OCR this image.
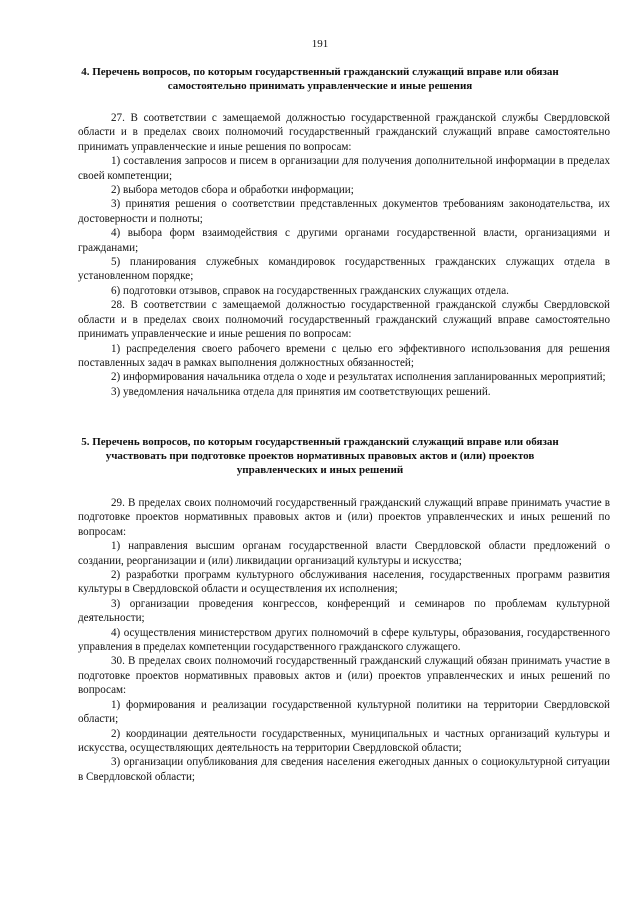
191
4. Перечень вопросов, по которым государственный гражданский служащий вправе или обязан самостоятельно принимать управленческие и иные решения

27. В соответствии с замещаемой должностью государственной гражданской службы Свердловской области и в пределах своих полномочий государственный гражданский служащий вправе самостоятельно принимать управленческие и иные решения по вопросам:

1) составления запросов и писем в организации для получения дополнительной информации в пределах своей компетенции;

2) выбора методов сбора и обработки информации;

3) принятия решения о соответствии представленных документов требованиям законодательства, их достоверности и полноты;

4) выбора форм взаимодействия с другими органами государственной власти, организациями и гражданами;

5) планирования служебных командировок государственных гражданских служащих отдела в установленном порядке;

6) подготовки отзывов, справок на государственных гражданских служащих отдела.

28. В соответствии с замещаемой должностью государственной гражданской службы Свердловской области и в пределах своих полномочий государственный гражданский служащий вправе самостоятельно принимать управленческие и иные решения по вопросам:

1) распределения своего рабочего времени с целью его эффективного использования для решения поставленных задач в рамках выполнения должностных обязанностей;

2) информирования начальника отдела о ходе и результатах исполнения запланированных мероприятий;

3) уведомления начальника отдела для принятия им соответствующих решений.

5. Перечень вопросов, по которым государственный гражданский служащий вправе или обязан участвовать при подготовке проектов нормативных правовых актов и (или) проектов управленческих и иных решений

29. В пределах своих полномочий государственный гражданский служащий вправе принимать участие в подготовке проектов нормативных правовых актов и (или) проектов управленческих и иных решений по вопросам:

1) направления высшим органам государственной власти Свердловской области предложений о создании, реорганизации и (или) ликвидации организаций культуры и искусства;

2) разработки программ культурного обслуживания населения, государственных программ развития культуры в Свердловской области и осуществления их исполнения;

3) организации проведения конгрессов, конференций и семинаров по проблемам культурной деятельности;

4) осуществления министерством других полномочий в сфере культуры, образования, государственного управления в пределах компетенции государственного гражданского служащего.

30. В пределах своих полномочий государственный гражданский служащий обязан принимать участие в подготовке проектов нормативных правовых актов и (или) проектов управленческих и иных решений по вопросам:

1) формирования и реализации государственной культурной политики на территории Свердловской области;

2) координации деятельности государственных, муниципальных и частных организаций культуры и искусства, осуществляющих деятельность на территории Свердловской области;

3) организации опубликования для сведения населения ежегодных данных о социокультурной ситуации в Свердловской области;
